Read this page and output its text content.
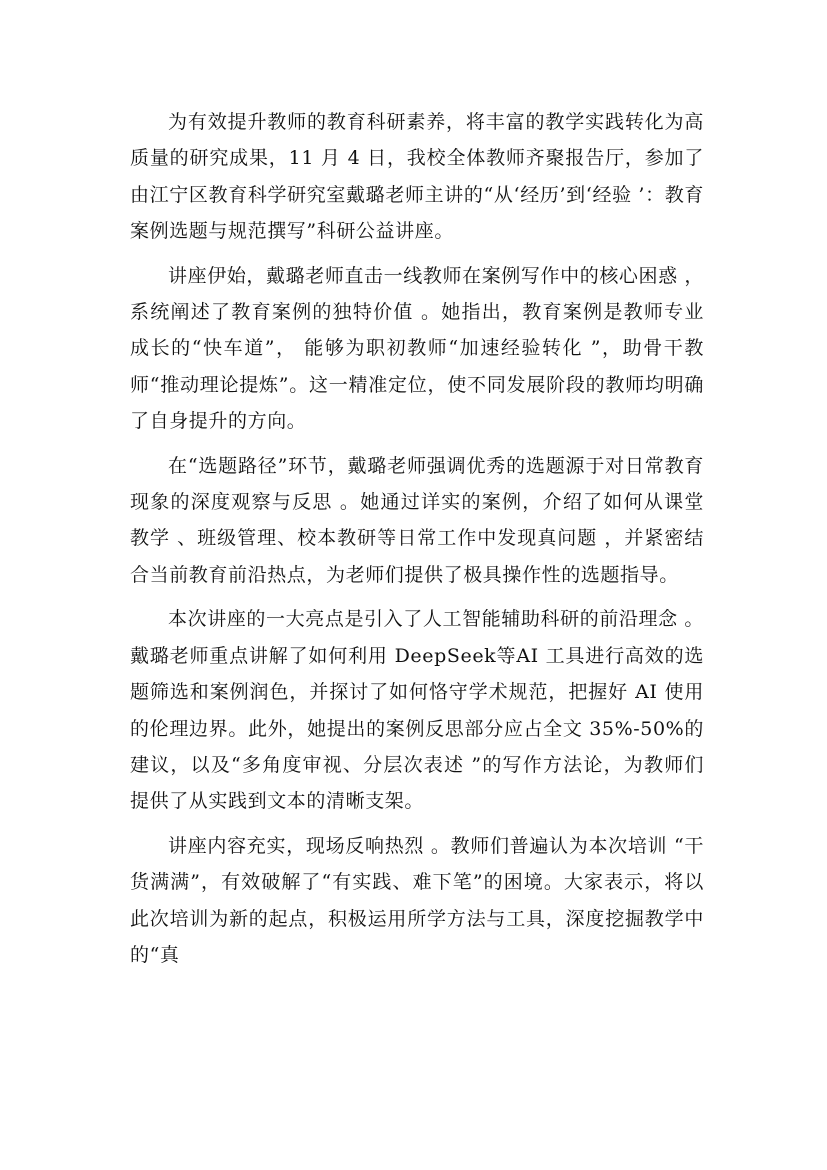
为有效提升教师的教育科研素养，将丰富的教学实践转化为高质量的研究成果，11 月 4 日，我校全体教师齐聚报告厅，参加了由江宁区教育科学研究室戴璐老师主讲的“从‘经历’到‘经验 ’：教育案例选题与规范撰写”科研公益讲座。

讲座伊始，戴璐老师直击一线教师在案例写作中的核心困惑 ，系统阐述了教育案例的独特价值 。她指出，教育案例是教师专业成长的“快车道”， 能够为职初教师“加速经验转化 ”，助骨干教师“推动理论提炼”。这一精准定位，使不同发展阶段的教师均明确了自身提升的方向。

在“选题路径”环节，戴璐老师强调优秀的选题源于对日常教育现象的深度观察与反思 。她通过详实的案例，介绍了如何从课堂教学 、班级管理、校本教研等日常工作中发现真问题 ，并紧密结合当前教育前沿热点，为老师们提供了极具操作性的选题指导。

本次讲座的一大亮点是引入了人工智能辅助科研的前沿理念 。戴璐老师重点讲解了如何利用 DeepSeek等AI 工具进行高效的选题筛选和案例润色，并探讨了如何恪守学术规范，把握好 AI 使用的伦理边界。此外，她提出的案例反思部分应占全文 35%-50%的建议，以及“多角度审视、分层次表述 ”的写作方法论，为教师们提供了从实践到文本的清晰支架。

讲座内容充实，现场反响热烈 。教师们普遍认为本次培训 “干货满满”，有效破解了“有实践、难下笔”的困境。大家表示，将以此次培训为新的起点，积极运用所学方法与工具，深度挖掘教学中的“真
